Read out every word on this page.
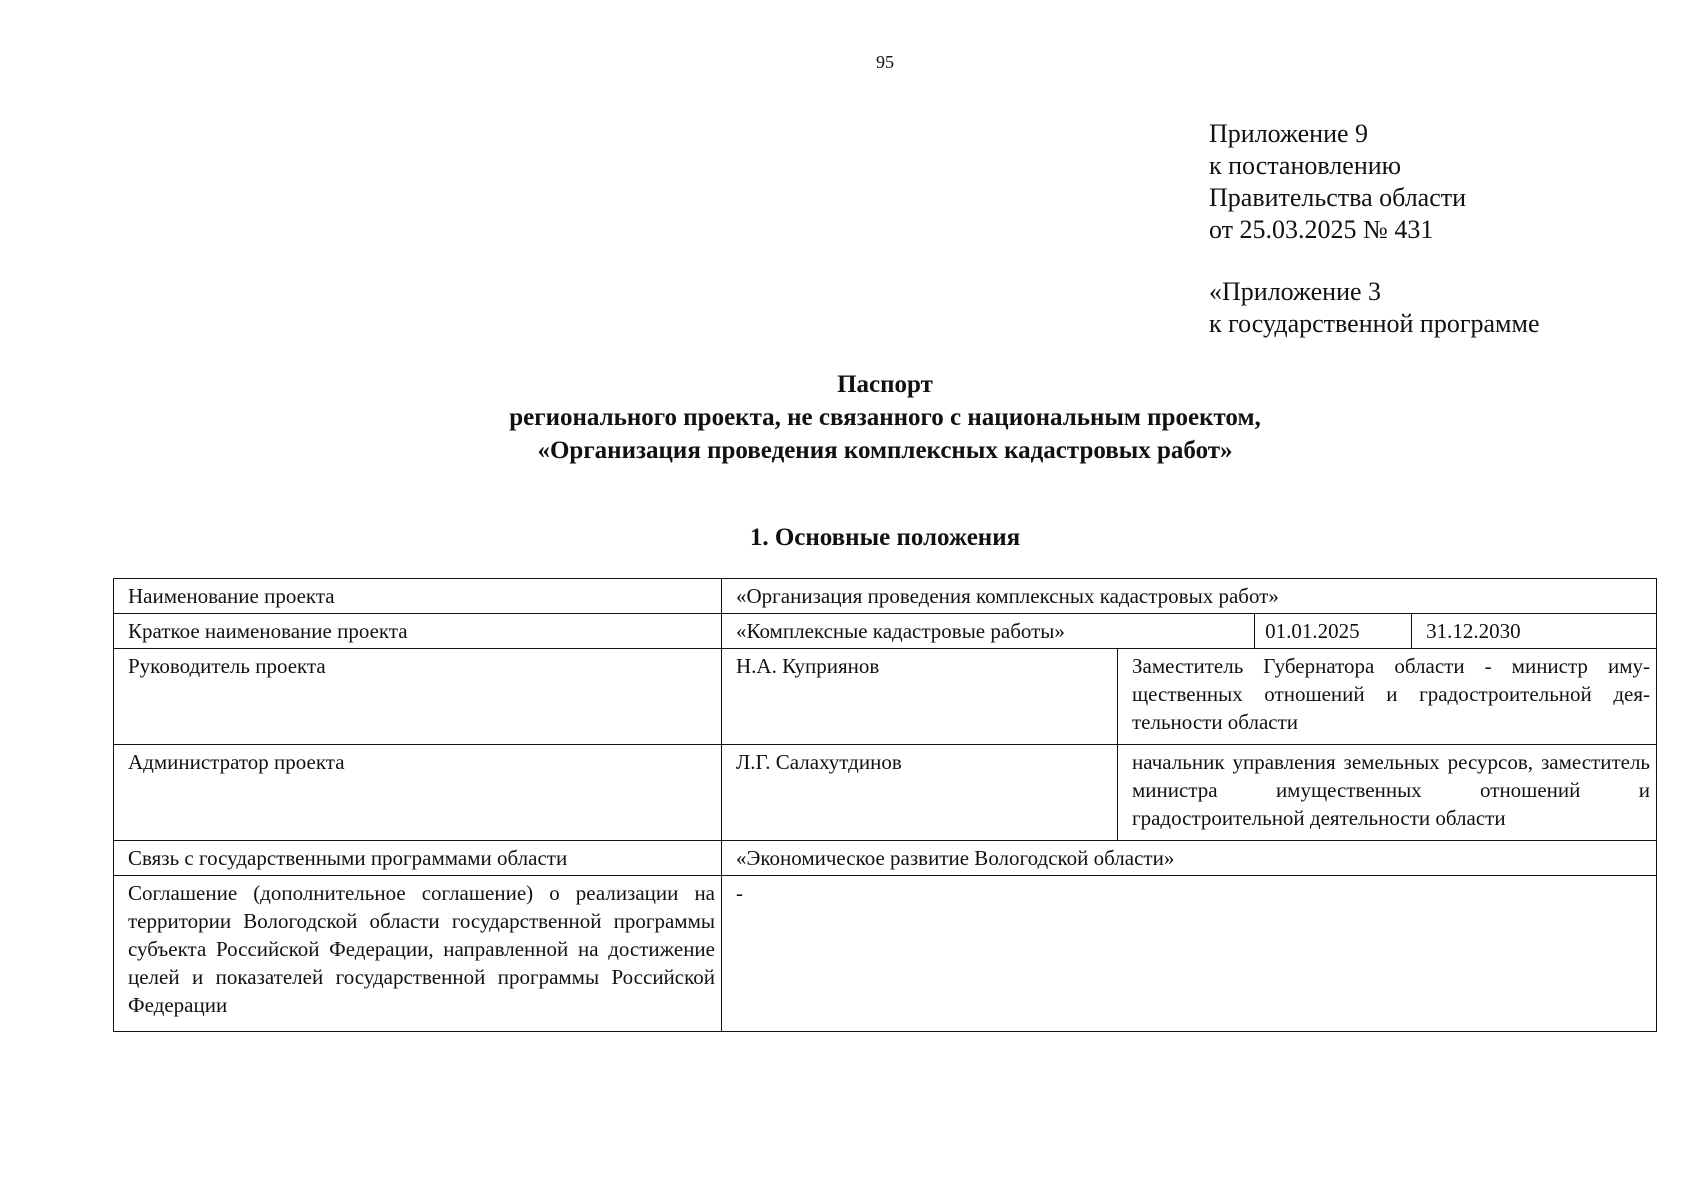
95
Приложение 9
к постановлению
Правительства области
от 25.03.2025 № 431
«Приложение 3
к государственной программе
Паспорт
регионального проекта, не связанного с национальным проектом,
«Организация проведения комплексных кадастровых работ»
1. Основные положения
Наименование проекта	«Организация проведения комплексных кадастровых работ»		
Краткое наименование проекта	«Комплексные кадастровые работы»		01.01.2025 31.12.2030

Руководитель проекта	Н.А. Куприянов	Заместитель Губернатора области - министр имущественных отношений и градостроительной деятельности области	
Администратор проекта	Л.Г. Салахутдинов	начальник управления земельных ресурсов, заместитель министра имущественных отношений и градостроительной деятельности области	
Связь с государственными программами области	«Экономическое развитие Вологодской области»		
Соглашение (дополнительное соглашение) о реализации на территории Вологодской области государственной программы субъекта Российской Федерации, направленной на достижение целей и показателей государственной программы Российской Федерации	-		
